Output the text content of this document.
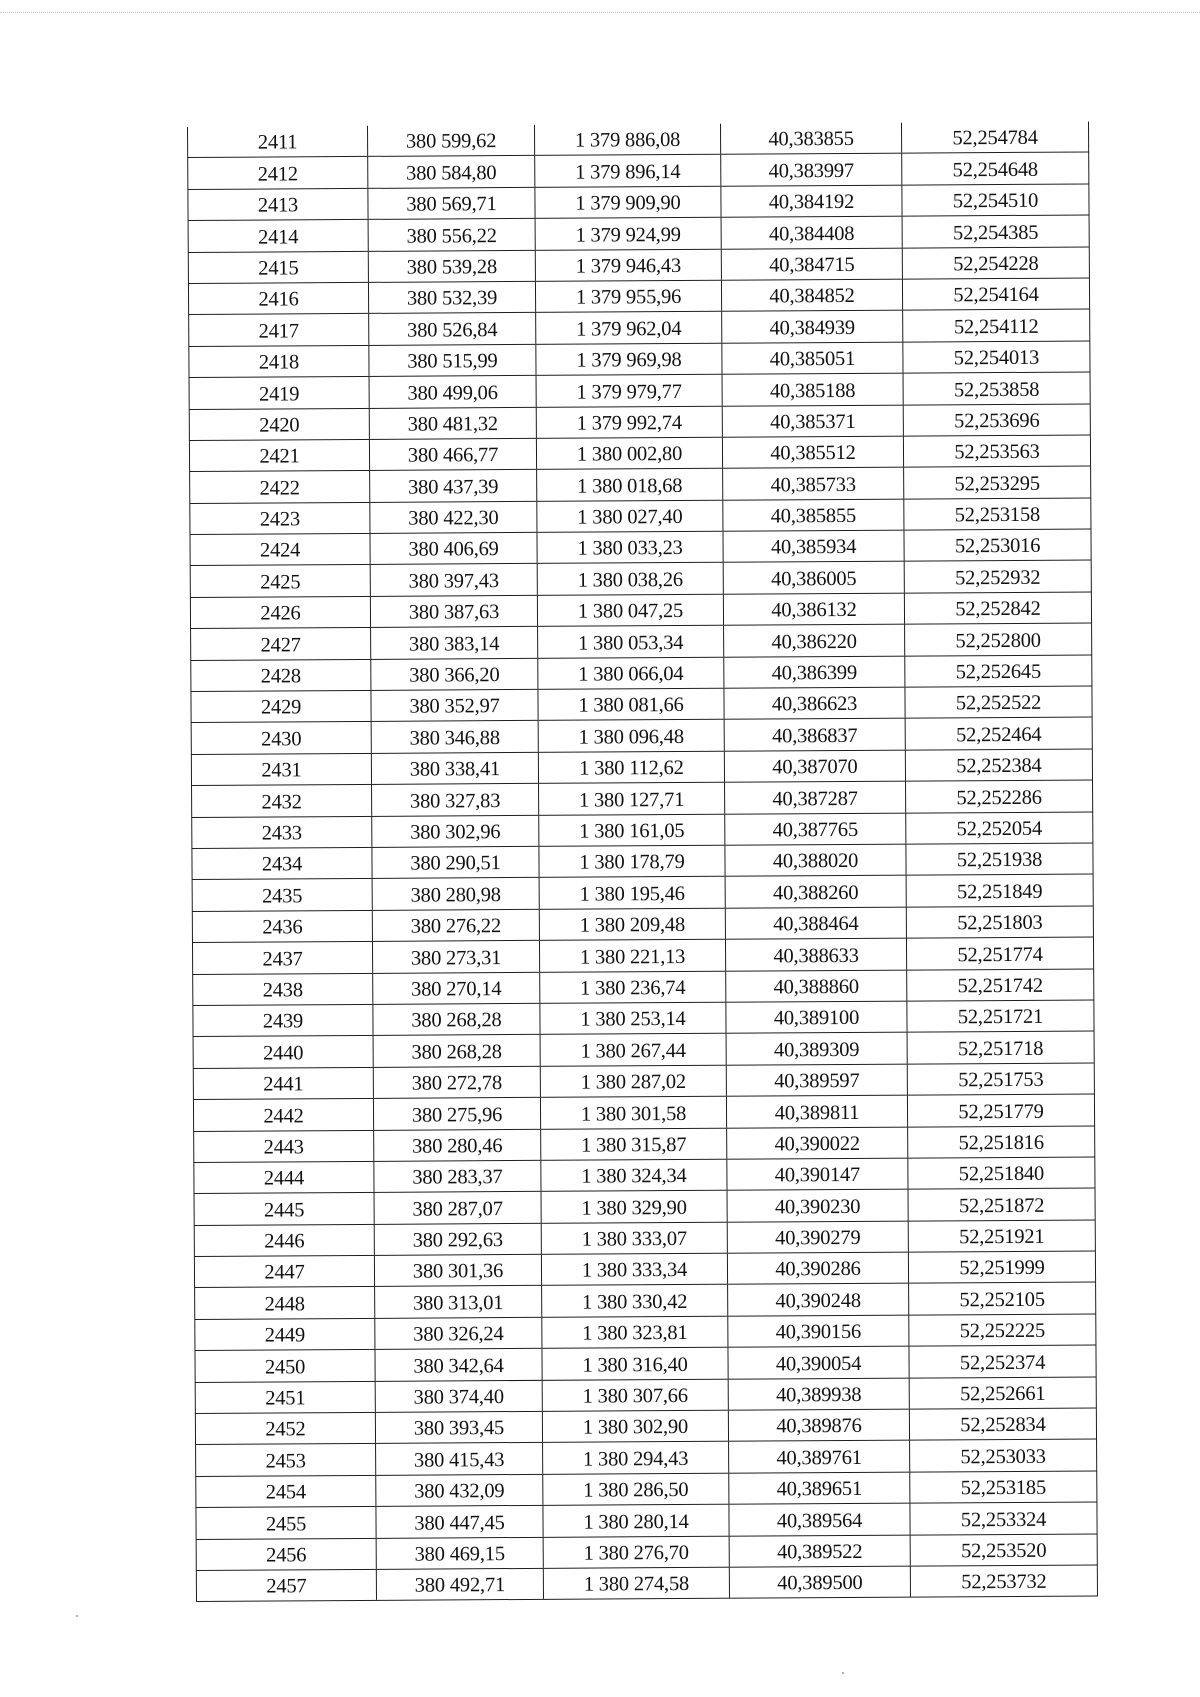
2411	380 599,62	1 379 886,08	40,383855	52,254784
2412	380 584,80	1 379 896,14	40,383997	52,254648
2413	380 569,71	1 379 909,90	40,384192	52,254510
2414	380 556,22	1 379 924,99	40,384408	52,254385
2415	380 539,28	1 379 946,43	40,384715	52,254228
2416	380 532,39	1 379 955,96	40,384852	52,254164
2417	380 526,84	1 379 962,04	40,384939	52,254112
2418	380 515,99	1 379 969,98	40,385051	52,254013
2419	380 499,06	1 379 979,77	40,385188	52,253858
2420	380 481,32	1 379 992,74	40,385371	52,253696
2421	380 466,77	1 380 002,80	40,385512	52,253563
2422	380 437,39	1 380 018,68	40,385733	52,253295
2423	380 422,30	1 380 027,40	40,385855	52,253158
2424	380 406,69	1 380 033,23	40,385934	52,253016
2425	380 397,43	1 380 038,26	40,386005	52,252932
2426	380 387,63	1 380 047,25	40,386132	52,252842
2427	380 383,14	1 380 053,34	40,386220	52,252800
2428	380 366,20	1 380 066,04	40,386399	52,252645
2429	380 352,97	1 380 081,66	40,386623	52,252522
2430	380 346,88	1 380 096,48	40,386837	52,252464
2431	380 338,41	1 380 112,62	40,387070	52,252384
2432	380 327,83	1 380 127,71	40,387287	52,252286
2433	380 302,96	1 380 161,05	40,387765	52,252054
2434	380 290,51	1 380 178,79	40,388020	52,251938
2435	380 280,98	1 380 195,46	40,388260	52,251849
2436	380 276,22	1 380 209,48	40,388464	52,251803
2437	380 273,31	1 380 221,13	40,388633	52,251774
2438	380 270,14	1 380 236,74	40,388860	52,251742
2439	380 268,28	1 380 253,14	40,389100	52,251721
2440	380 268,28	1 380 267,44	40,389309	52,251718
2441	380 272,78	1 380 287,02	40,389597	52,251753
2442	380 275,96	1 380 301,58	40,389811	52,251779
2443	380 280,46	1 380 315,87	40,390022	52,251816
2444	380 283,37	1 380 324,34	40,390147	52,251840
2445	380 287,07	1 380 329,90	40,390230	52,251872
2446	380 292,63	1 380 333,07	40,390279	52,251921
2447	380 301,36	1 380 333,34	40,390286	52,251999
2448	380 313,01	1 380 330,42	40,390248	52,252105
2449	380 326,24	1 380 323,81	40,390156	52,252225
2450	380 342,64	1 380 316,40	40,390054	52,252374
2451	380 374,40	1 380 307,66	40,389938	52,252661
2452	380 393,45	1 380 302,90	40,389876	52,252834
2453	380 415,43	1 380 294,43	40,389761	52,253033
2454	380 432,09	1 380 286,50	40,389651	52,253185
2455	380 447,45	1 380 280,14	40,389564	52,253324
2456	380 469,15	1 380 276,70	40,389522	52,253520
2457	380 492,71	1 380 274,58	40,389500	52,253732
